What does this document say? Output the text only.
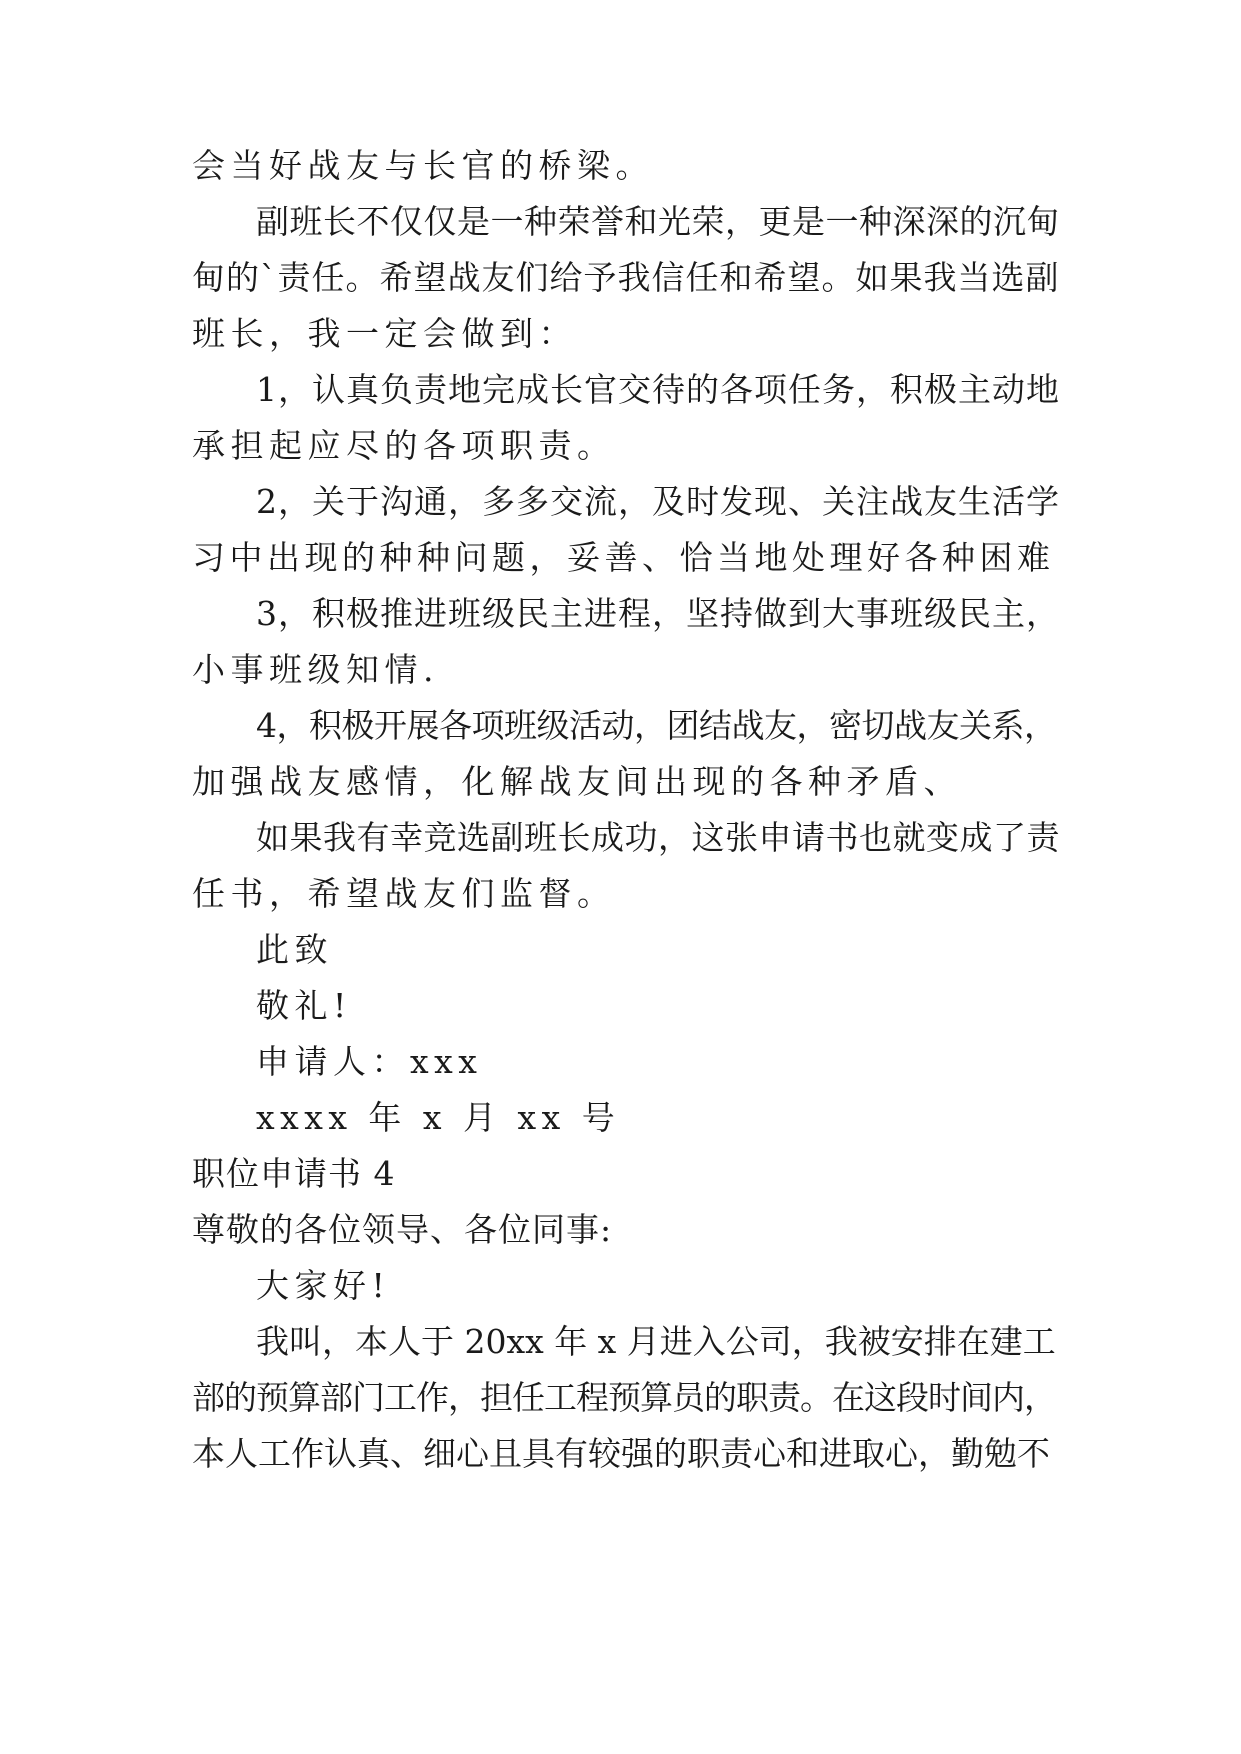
会当好战友与长官的桥梁。

副班长不仅仅是一种荣誉和光荣，更是一种深深的沉甸

甸的`责任。希望战友们给予我信任和希望。如果我当选副

班长，我一定会做到：

1，认真负责地完成长官交待的各项任务，积极主动地

承担起应尽的各项职责。

2，关于沟通，多多交流，及时发现、关注战友生活学

习中出现的种种问题，妥善、恰当地处理好各种困难

3，积极推进班级民主进程，坚持做到大事班级民主，

小事班级知情.

4，积极开展各项班级活动，团结战友，密切战友关系，

加强战友感情，化解战友间出现的各种矛盾、

如果我有幸竞选副班长成功，这张申请书也就变成了责

任书，希望战友们监督。

此致

敬礼!

申请人：xxx

xxxx 年 x 月 xx 号

职位申请书 4

尊敬的各位领导、各位同事:

大家好!

我叫，本人于 20xx 年 x 月进入公司，我被安排在建工

部的预算部门工作，担任工程预算员的职责。在这段时间内，

本人工作认真、细心且具有较强的职责心和进取心，勤勉不
